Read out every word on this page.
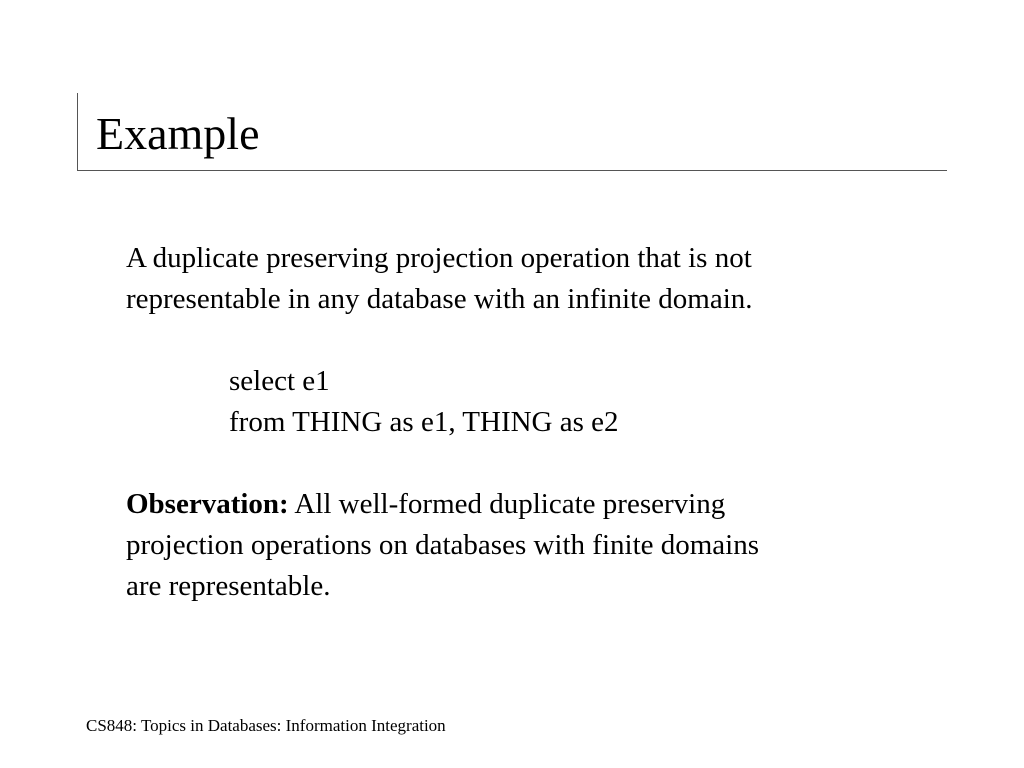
Example
A duplicate preserving projection operation that is not
representable in any database with an infinite domain.
select e1
from THING as e1, THING as e2
Observation: All well-formed duplicate preserving
projection operations on databases with finite domains
are representable.
CS848: Topics in Databases: Information Integration
